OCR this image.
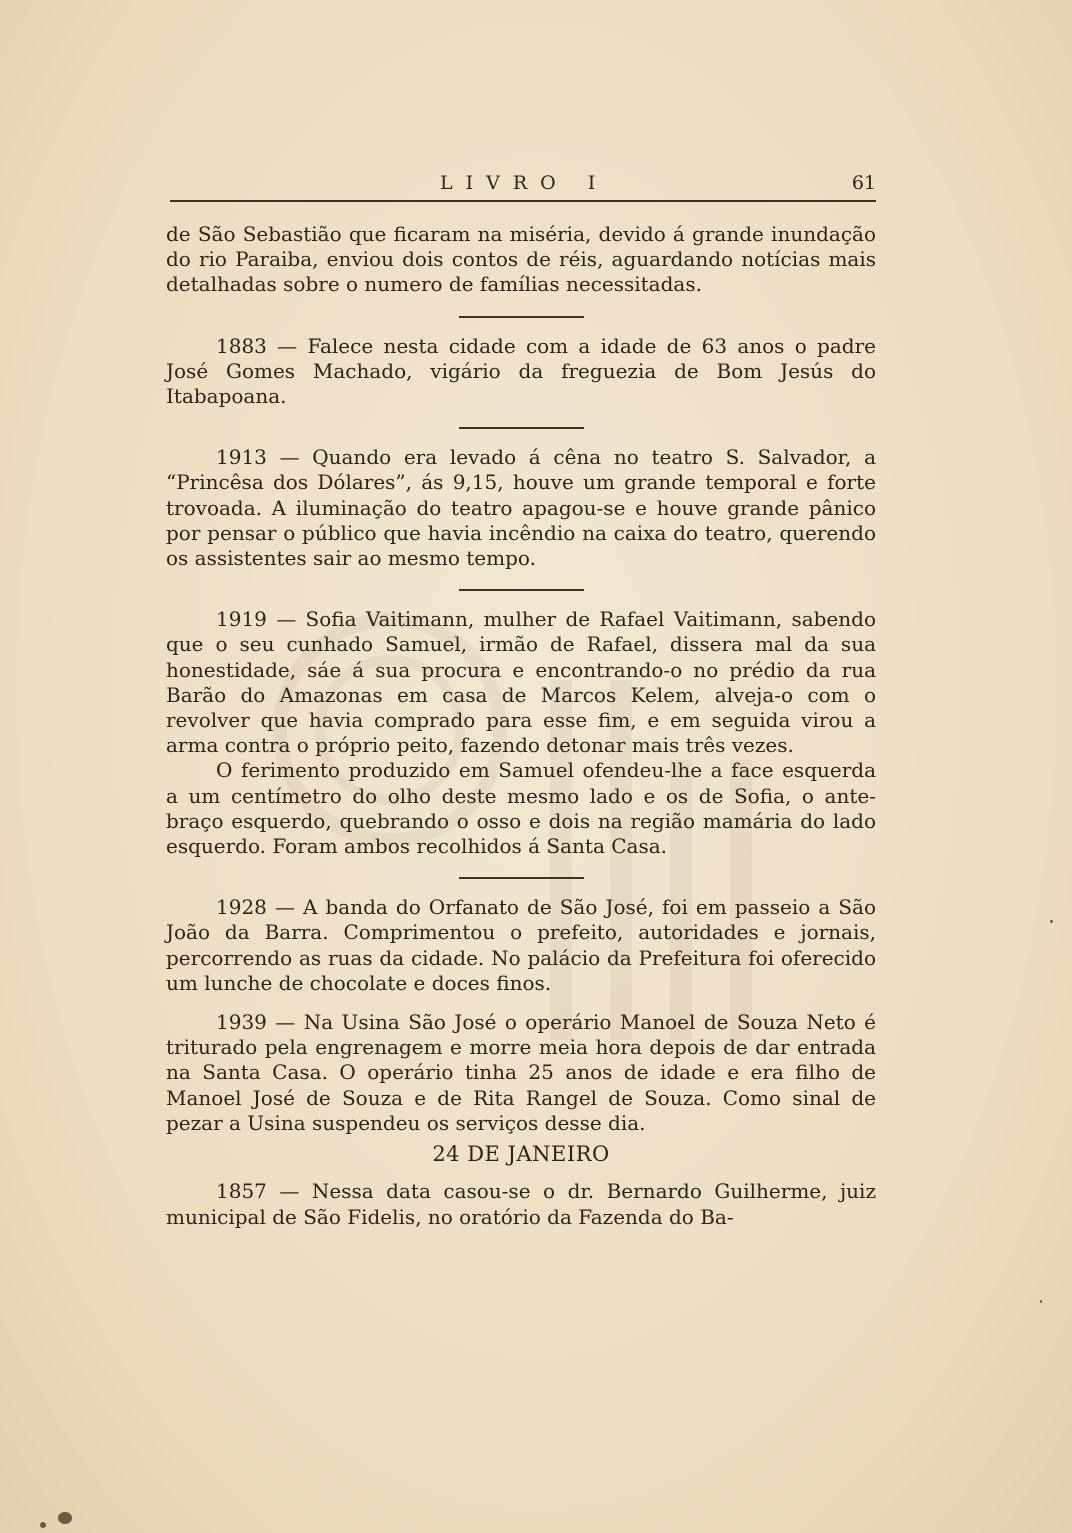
LIVRO I	61

de São Sebastião que ficaram na miséria, devido á grande inundação do rio Paraiba, enviou dois contos de réis, aguardando notícias mais detalhadas sobre o numero de famílias necessitadas.

1883 — Falece nesta cidade com a idade de 63 anos o padre José Gomes Machado, vigário da freguezia de Bom Jesús do Itabapoana.

1913 — Quando era levado á cêna no teatro S. Salvador, a “Princêsa dos Dólares”, ás 9,15, houve um grande temporal e forte trovoada. A iluminação do teatro apagou-se e houve grande pânico por pensar o público que havia incêndio na caixa do teatro, querendo os assistentes sair ao mesmo tempo.

1919 — Sofia Vaitimann, mulher de Rafael Vaitimann, sabendo que o seu cunhado Samuel, irmão de Rafael, dissera mal da sua honestidade, sáe á sua procura e encontrando-o no prédio da rua Barão do Amazonas em casa de Marcos Kelem, alveja-o com o revolver que havia comprado para esse fim, e em seguida virou a arma contra o próprio peito, fazendo detonar mais três vezes.

O ferimento produzido em Samuel ofendeu-lhe a face esquerda a um centímetro do olho deste mesmo lado e os de Sofia, o ante-braço esquerdo, quebrando o osso e dois na região mamária do lado esquerdo. Foram ambos recolhidos á Santa Casa.

1928 — A banda do Orfanato de São José, foi em passeio a São João da Barra. Comprimentou o prefeito, autoridades e jornais, percorrendo as ruas da cidade. No palácio da Prefeitura foi oferecido um lunche de chocolate e doces finos.

1939 — Na Usina São José o operário Manoel de Souza Neto é triturado pela engrenagem e morre meia hora depois de dar entrada na Santa Casa. O operário tinha 25 anos de idade e era filho de Manoel José de Souza e de Rita Rangel de Souza. Como sinal de pezar a Usina suspendeu os serviços desse dia.

24 DE JANEIRO

1857 — Nessa data casou-se o dr. Bernardo Guilherme, juiz municipal de São Fidelis, no oratório da Fazenda do Ba-
